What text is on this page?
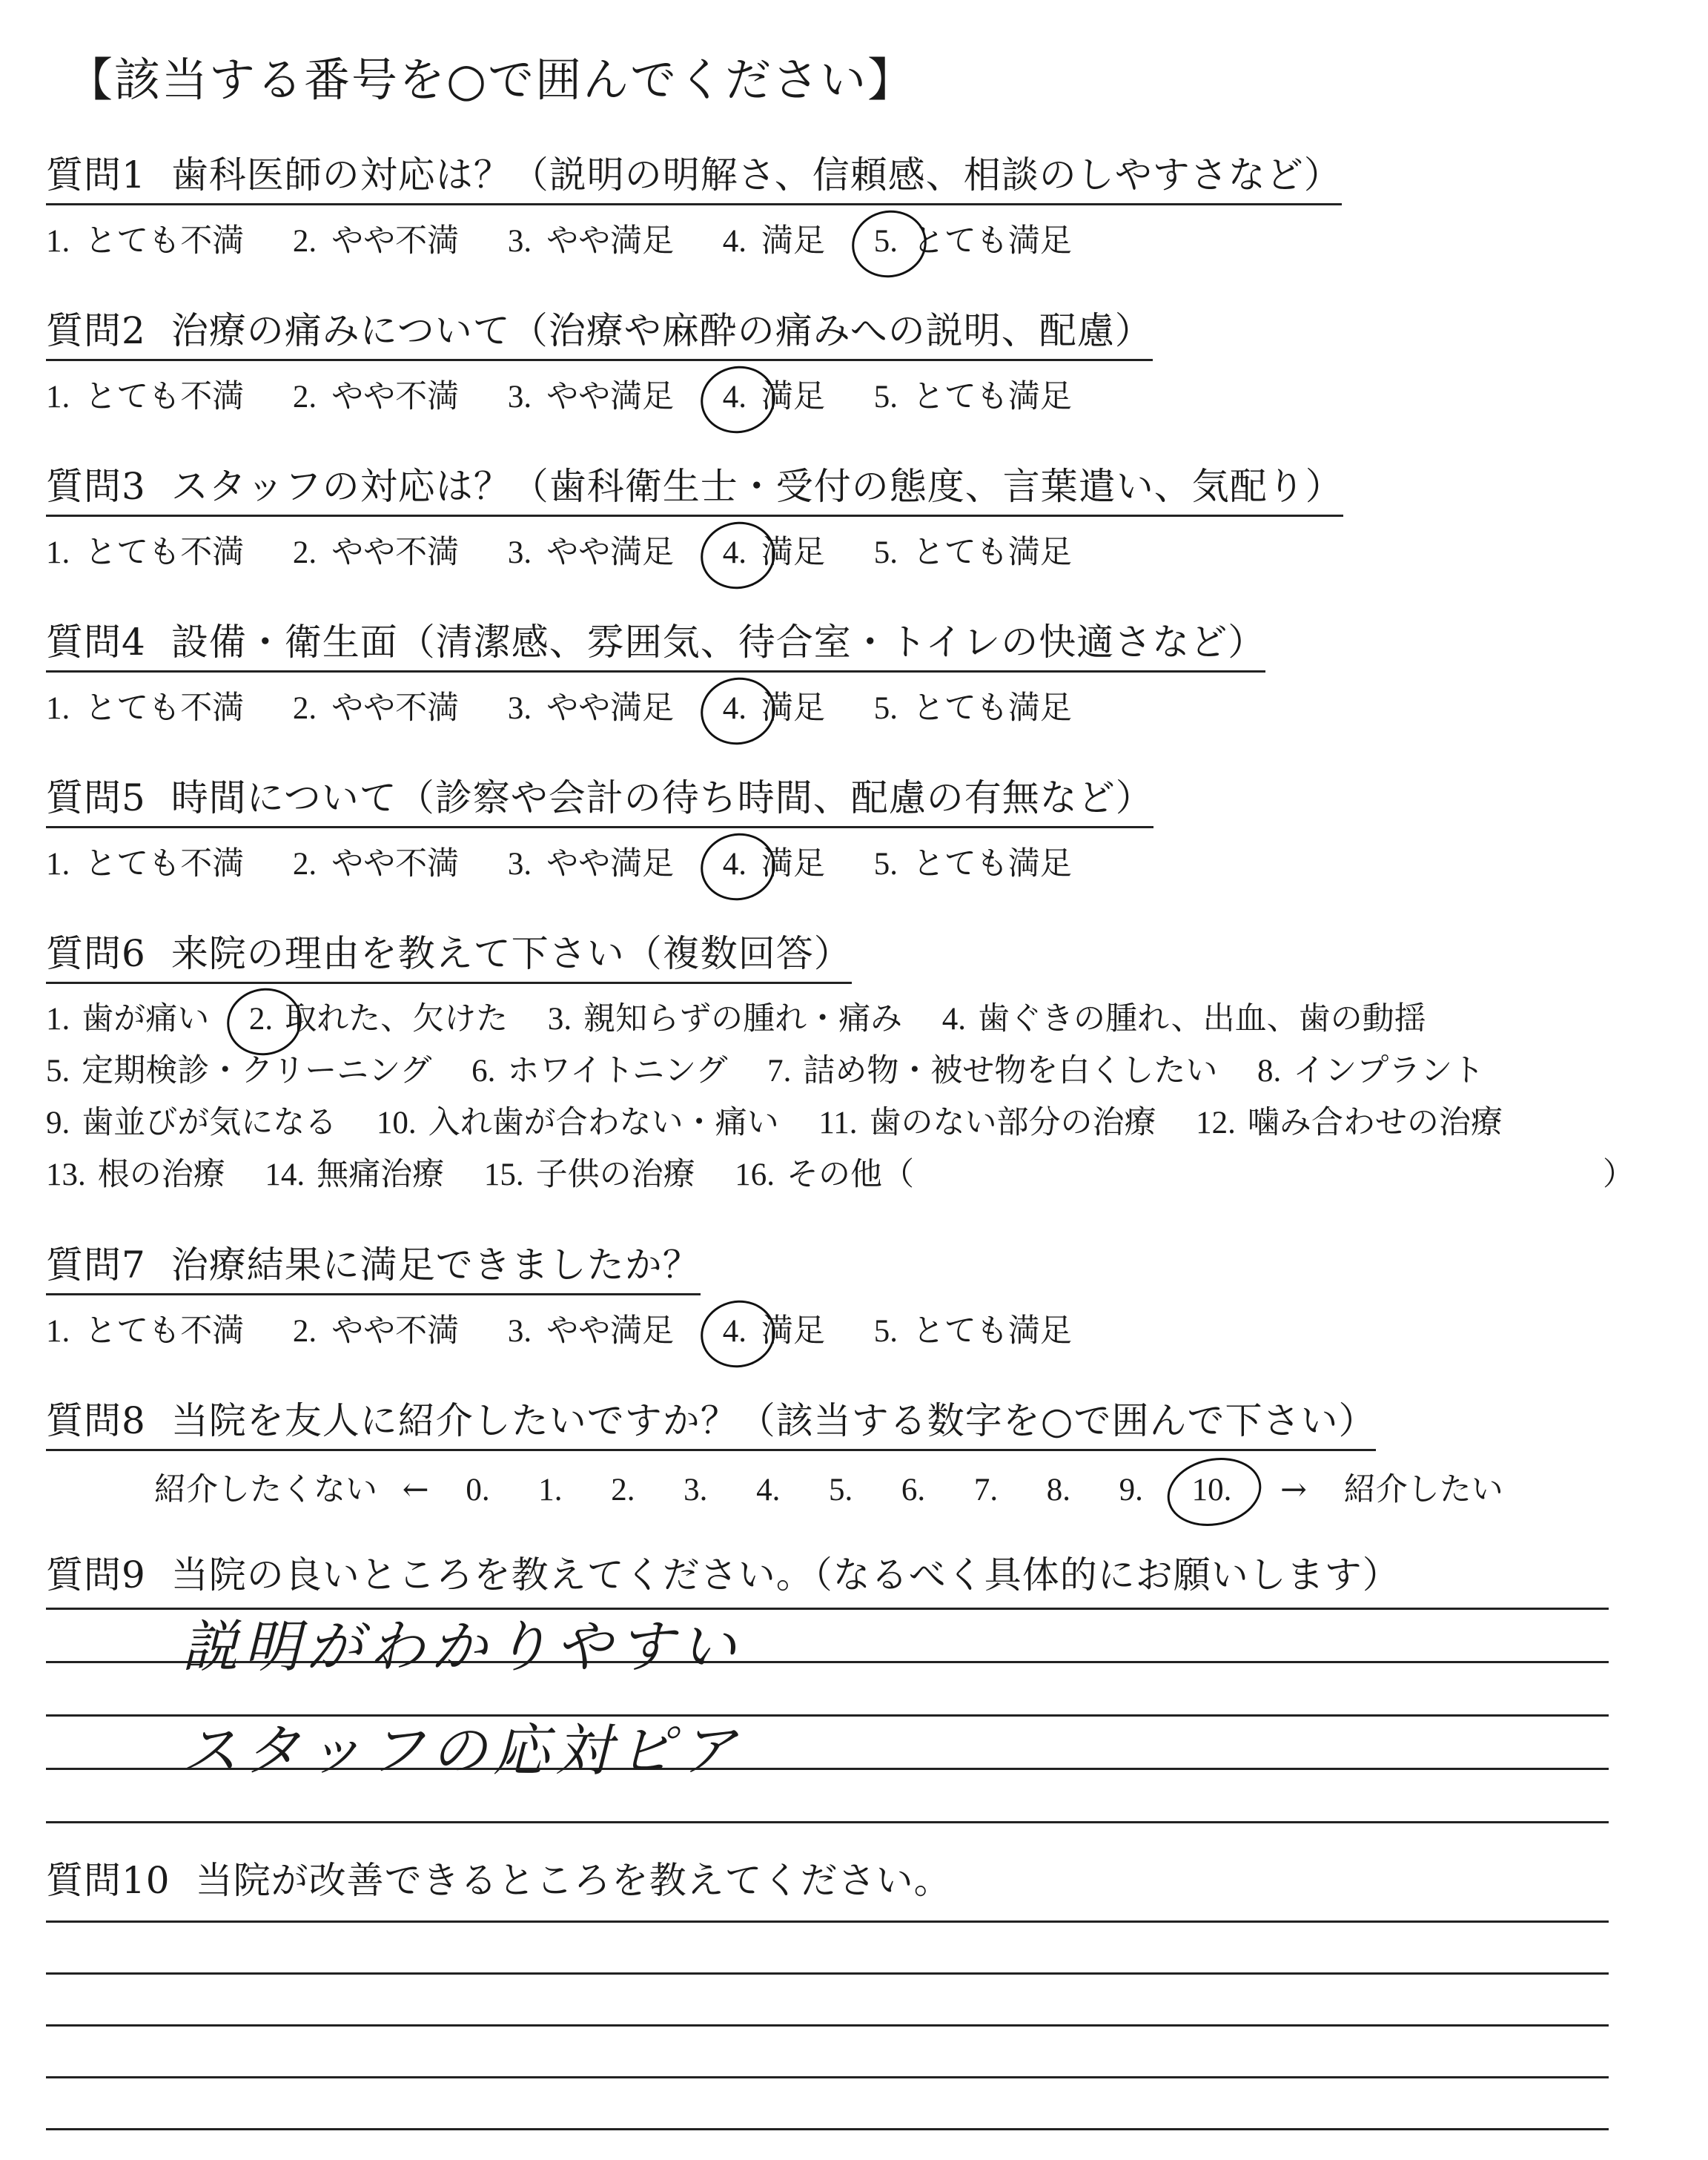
【該当する番号を○で囲んでください】
質問1 歯科医師の対応は？（説明の明解さ、信頼感、相談のしやすさなど）
1. とても不満 2. やや不満 3. やや満足 4. 満足 5. とても満足
質問2 治療の痛みについて（治療や麻酔の痛みへの説明、配慮）
1. とても不満 2. やや不満 3. やや満足 4. 満足 5. とても満足
質問3 スタッフの対応は？（歯科衛生士・受付の態度、言葉遣い、気配り）
1. とても不満 2. やや不満 3. やや満足 4. 満足 5. とても満足
質問4 設備・衛生面（清潔感、雰囲気、待合室・トイレの快適さなど）
1. とても不満 2. やや不満 3. やや満足 4. 満足 5. とても満足
質問5 時間について（診察や会計の待ち時間、配慮の有無など）
1. とても不満 2. やや不満 3. やや満足 4. 満足 5. とても満足
質問6 来院の理由を教えて下さい（複数回答）
1. 歯が痛い 2. 取れた、欠けた 3. 親知らずの腫れ・痛み 4. 歯ぐきの腫れ、出血、歯の動揺
5. 定期検診・クリーニング 6. ホワイトニング 7. 詰め物・被せ物を白くしたい 8. インプラント
9. 歯並びが気になる 10. 入れ歯が合わない・痛い 11. 歯のない部分の治療 12. 噛み合わせの治療
13. 根の治療 14. 無痛治療 15. 子供の治療 16. その他（	）
質問7 治療結果に満足できましたか？
1. とても不満 2. やや不満 3. やや満足 4. 満足 5. とても満足
質問8 当院を友人に紹介したいですか？（該当する数字を○で囲んで下さい）
紹介したくない ← 0. 1. 2. 3. 4. 5. 6. 7. 8. 9. 10. → 紹介したい
質問9 当院の良いところを教えてください。（なるべく具体的にお願いします）
説明がわかりやすい
スタッフの応対ピア
質問10 当院が改善できるところを教えてください。
